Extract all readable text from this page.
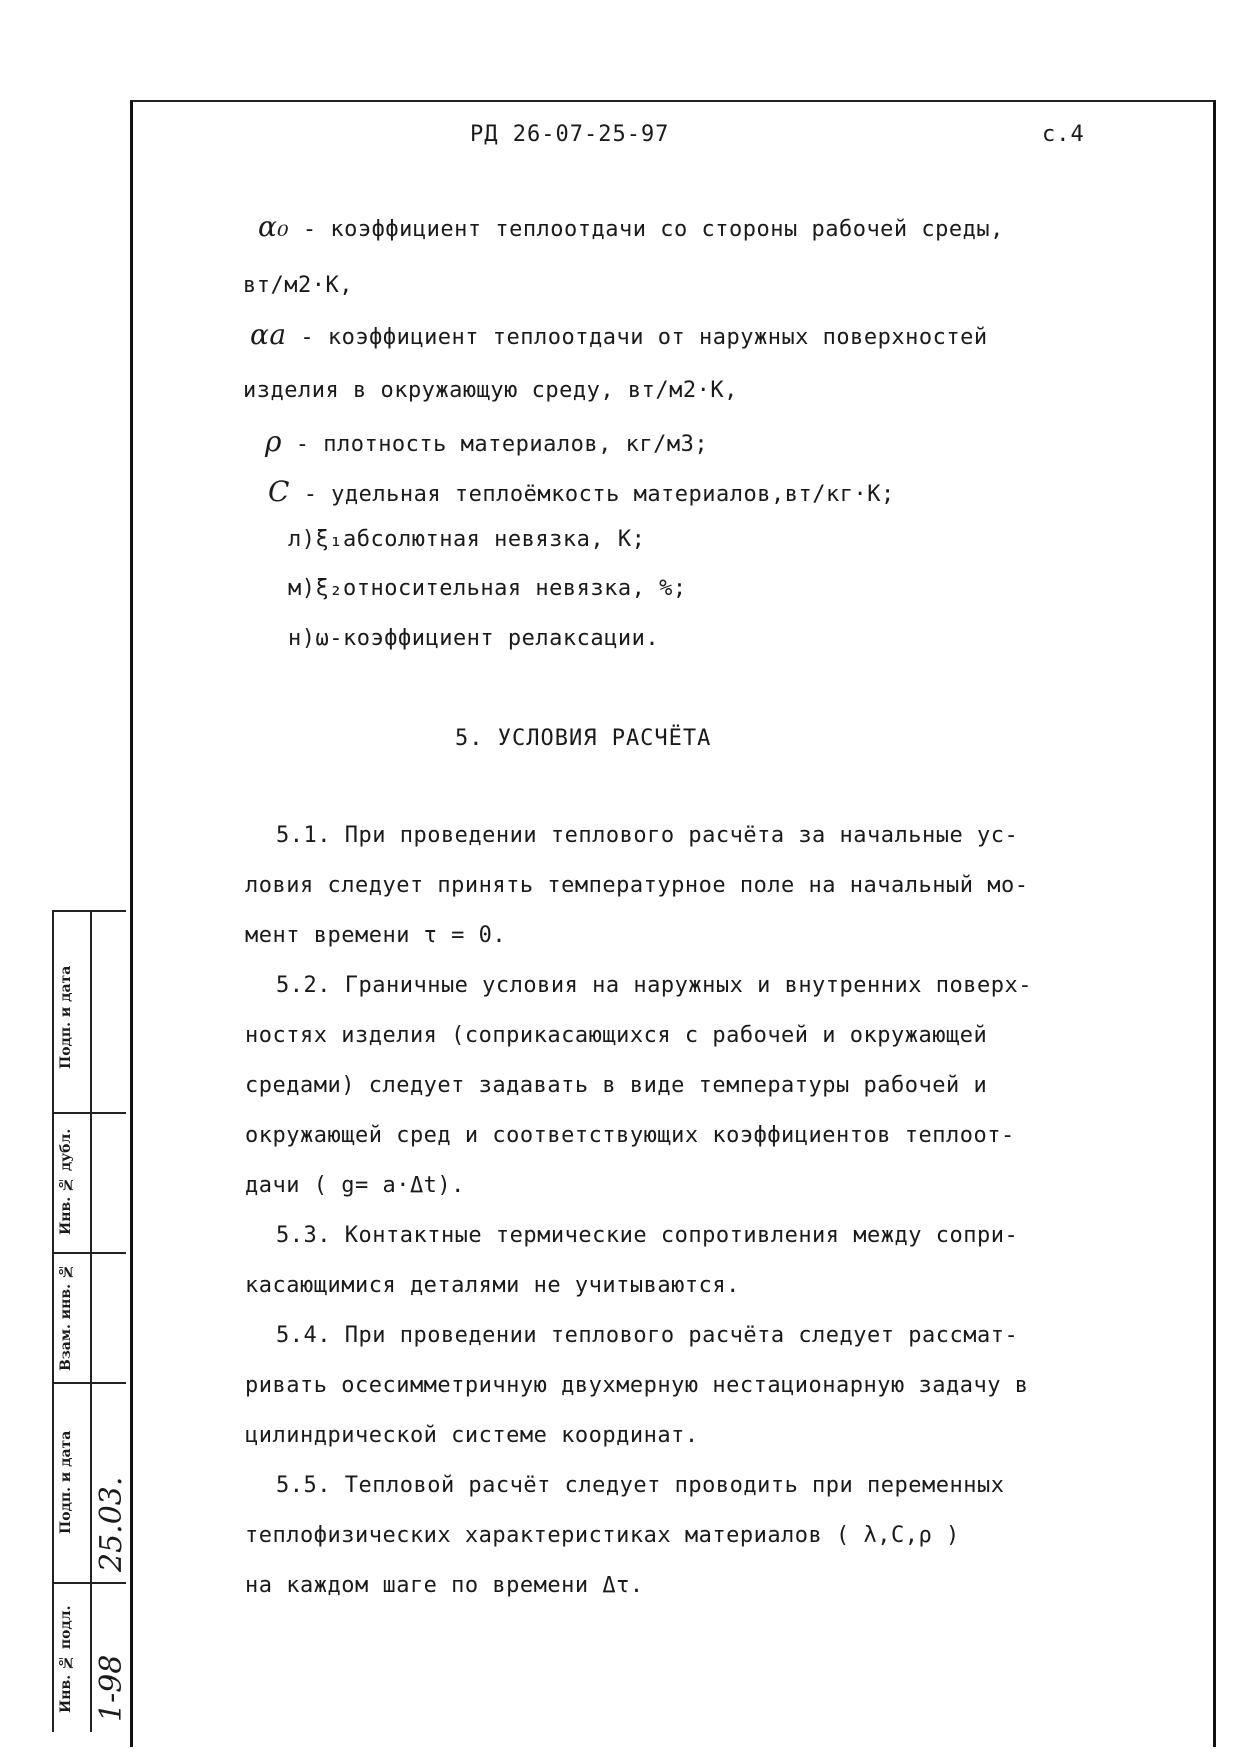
РД 26-07-25-97	с.4
α₀ - коэффициент теплоотдачи со стороны рабочей среды,
вт/м2·К,
αа - коэффициент теплоотдачи от наружных поверхностей
изделия в окружающую среду, вт/м2·К,
ρ - плотность материалов, кг/м3;
C - удельная теплоёмкость материалов,вт/кг·К;
л)ξ₁абсолютная невязка, К;
м)ξ₂относительная невязка, %;
н)ω-коэффициент релаксации.
5. УСЛОВИЯ РАСЧЁТА
5.1. При проведении теплового расчёта за начальные ус-
ловия следует принять температурное поле на начальный мо-
мент времени τ = 0.
5.2. Граничные условия на наружных и внутренних поверх-
ностях изделия (соприкасающихся с рабочей и окружающей
средами) следует задавать в виде температуры рабочей и
окружающей сред и соответствующих коэффициентов теплоот-
дачи ( g= a·Δt).
5.3. Контактные термические сопротивления между сопри-
касающимися деталями не учитываются.
5.4. При проведении теплового расчёта следует рассмат-
ривать осесимметричную двухмерную нестационарную задачу в
цилиндрической системе координат.
5.5. Тепловой расчёт следует проводить при переменных
теплофизических характеристиках материалов ( λ,C,ρ )
на каждом шаге по времени Δτ.
Подп. и дата
Инв. № дубл.
Взам. инв. №
Подп. и дата
Инв. № подл.
25.03.
1-98
